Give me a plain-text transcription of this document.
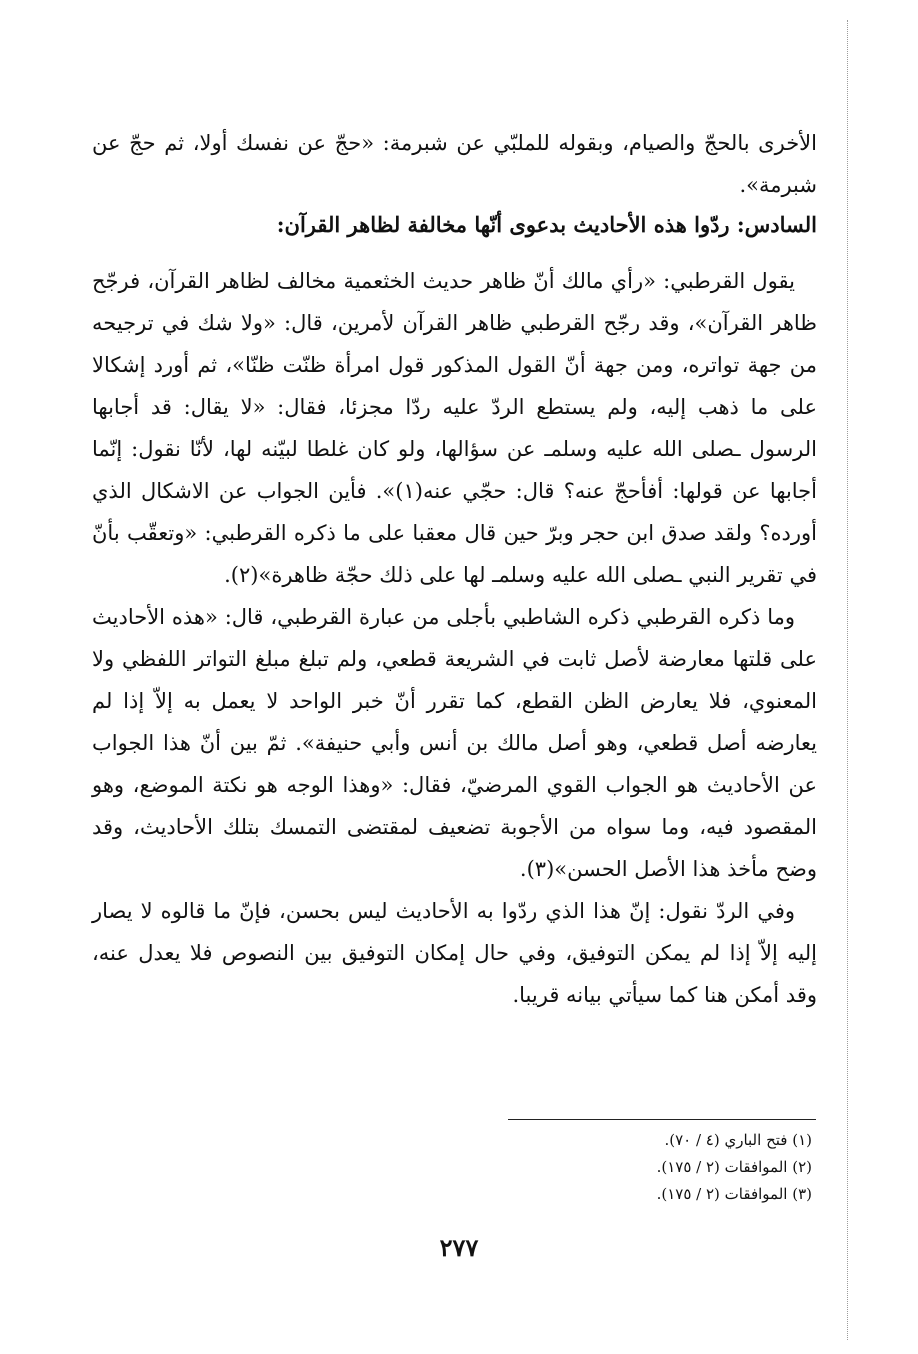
الأخرى بالحجّ والصيام، وبقوله للملبّي عن شبرمة: «حجّ عن نفسك أولا، ثم حجّ عن شبرمة».

السادس: ردّوا هذه الأحاديث بدعوى أنّها مخالفة لظاهر القرآن:

يقول القرطبي: «رأي مالك أنّ ظاهر حديث الخثعمية مخالف لظاهر القرآن، فرجّح ظاهر القرآن»، وقد رجّح القرطبي ظاهر القرآن لأمرين، قال: «ولا شك في ترجيحه من جهة تواتره، ومن جهة أنّ القول المذكور قول امرأة ظنّت ظنّا»، ثم أورد إشكالا على ما ذهب إليه، ولم يستطع الردّ عليه ردّا مجزئا، فقال: «لا يقال: قد أجابها الرسول ـصلى الله عليه وسلمـ عن سؤالها، ولو كان غلطا لبيّنه لها، لأنّا نقول: إنّما أجابها عن قولها: أفأحجّ عنه؟ قال: حجّي عنه(١)». فأين الجواب عن الاشكال الذي أورده؟ ولقد صدق ابن حجر وبرّ حين قال معقبا على ما ذكره القرطبي: «وتعقّب بأنّ في تقرير النبي ـصلى الله عليه وسلمـ لها على ذلك حجّة ظاهرة»(٢).

وما ذكره القرطبي ذكره الشاطبي بأجلى من عبارة القرطبي، قال: «هذه الأحاديث على قلتها معارضة لأصل ثابت في الشريعة قطعي، ولم تبلغ مبلغ التواتر اللفظي ولا المعنوي، فلا يعارض الظن القطع، كما تقرر أنّ خبر الواحد لا يعمل به إلاّ إذا لم يعارضه أصل قطعي، وهو أصل مالك بن أنس وأبي حنيفة». ثمّ بين أنّ هذا الجواب عن الأحاديث هو الجواب القوي المرضيّ، فقال: «وهذا الوجه هو نكتة الموضع، وهو المقصود فيه، وما سواه من الأجوبة تضعيف لمقتضى التمسك بتلك الأحاديث، وقد وضح مأخذ هذا الأصل الحسن»(٣).

وفي الردّ نقول: إنّ هذا الذي ردّوا به الأحاديث ليس بحسن، فإنّ ما قالوه لا يصار إليه إلاّ إذا لم يمكن التوفيق، وفي حال إمكان التوفيق بين النصوص فلا يعدل عنه، وقد أمكن هنا كما سيأتي بيانه قريبا.

(١) فتح الباري (٤ / ٧٠).

(٢) الموافقات (٢ / ١٧٥).

(٣) الموافقات (٢ / ١٧٥).

٢٧٧
